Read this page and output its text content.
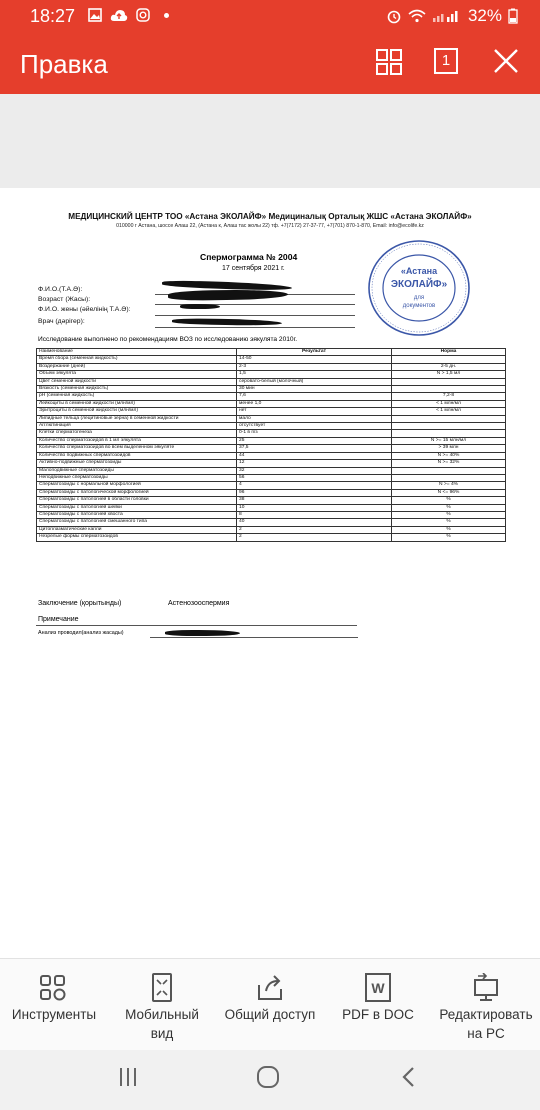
18:27	32%
Правка	1
МЕДИЦИНСКИЙ ЦЕНТР ТОО «Астана ЭКОЛАЙФ» Медициналық Орталық ЖШС «Астана ЭКОЛАЙФ»
010000 г Астана, шоссе Алаш 22, (Астана к, Алаш тас жолы 22) тф. +7(7172) 27-37-77, +7(701) 870-1-870, Email: info@ecolife.kz
Спермограмма № 2004
17 сентября 2021 г.
Ф.И.О.(Т.А.Ә):
Возраст (Жасы):
Ф.И.О. жены (әйелінің Т.А.Ә):
Врач (дәрігер):
Исследование выполнено по рекомендациям ВОЗ по исследованию эякулята 2010г.
Наименование	Результат	Норма
Время сбора (семенная жидкость)	14-50	
Воздержание (дней)	2-3	2-5 дн.
Объем эякулята	1,5	N > 1,5 мл
Цвет семенной жидкости	серовато-белый (молочный)	
Вязкость (семенная жидкость)	30 мин	
pH (семенная жидкость)	7,6	7,2-8
Лейкоциты в семенной жидкости (млн/мл)	менее 1,0	< 1 млн/мл
Эритроциты в семенной жидкости (млн/мл)	нет	< 1 млн/мл
Липидные тельца (лецитиновые зерна) в семенной жидкости	мало	
Агглютинация	отсутствует	
Клетки сперматогенеза	0-1 в п/з	
Количество сперматозоидов в 1 мл эякулята	25	N >= 15 млн/мл
Количество сперматозоидов во всем выделенном эякуляте	37,5	> 39 млн
Количество подвижных сперматозоидов	44	N >= 40%
Активно-подвижные сперматозоиды	12	N >= 32%
Малоподвижные сперматозоиды	32	
Неподвижные сперматозоиды	56	
Сперматозоиды с нормальной морфологией	4	N >= 4%
Сперматозоиды с патологической морфологией	96	N <= 96%
Сперматозоиды с патологией в области головки	38	%
Сперматозоиды с патологией шейки	10	%
Сперматозоиды с патологией хвоста	8	%
Сперматозоиды с патологией смешанного типа	40	%
Цитоплазматические капли	2	%
Незрелые формы сперматозоидов	2	%
Заключение (қорытынды)	Астенозооспермия
Примечание
Анализ проводил(анализ жасады)
«Астана
ЭКОЛАЙФ»
для
документов
Инструменты	Мобильный вид
Общий доступ
W
PDF в DOC	Редактировать на PC
